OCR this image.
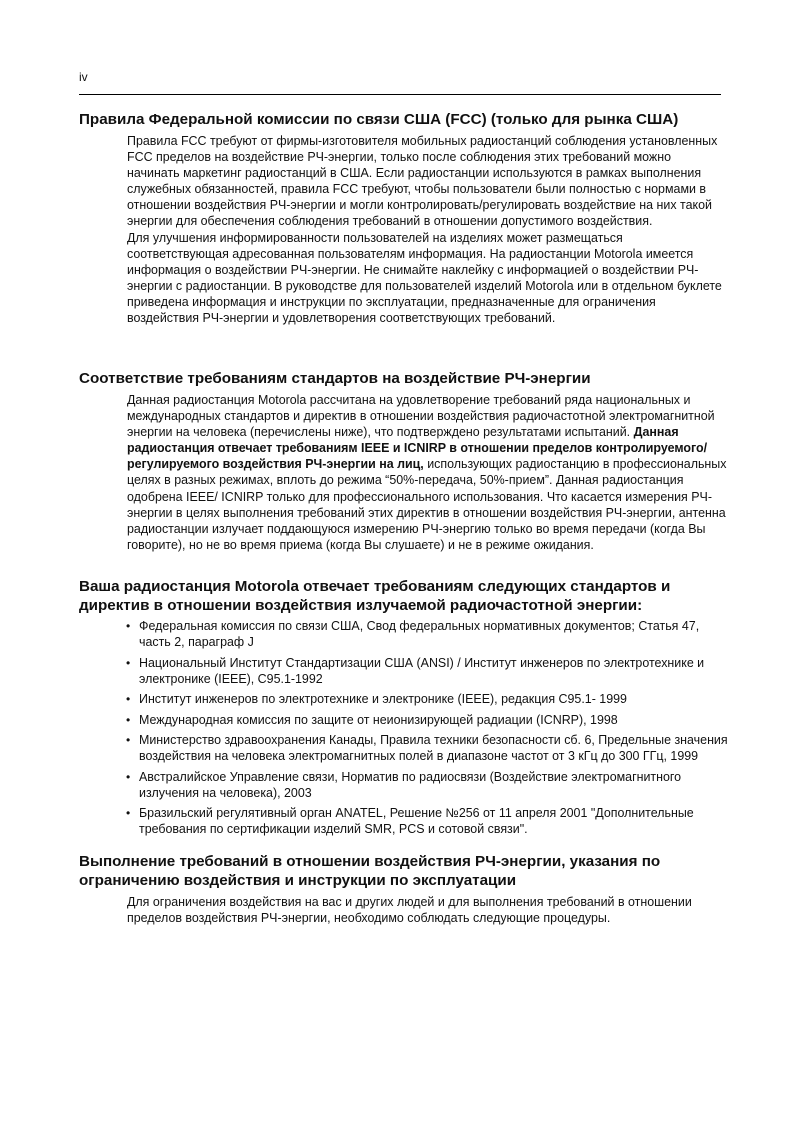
iv
Правила Федеральной комиссии по связи США (FCC) (только для рынка США)

Правила FCC требуют от фирмы-изготовителя мобильных радиостанций соблюдения установленных FCC пределов на воздействие РЧ-энергии, только после соблюдения этих требований можно начинать маркетинг радиостанций в США. Если радиостанции используются в рамках выполнения служебных обязанностей, правила FCC требуют, чтобы пользователи были полностью с нормами в отношении воздействия РЧ-энергии и могли контролировать/регулировать воздействие на них такой энергии для обеспечения соблюдения требований в отношении допустимого воздействия.

Для улучшения информированности пользователей на изделиях может размещаться соответствующая адресованная пользователям информация. На радиостанции Motorola имеется информация о воздействии РЧ-энергии. Не снимайте наклейку с информацией о воздействии РЧ-энергии с радиостанции. В руководстве для пользователей изделий Motorola или в отдельном буклете приведена информация и инструкции по эксплуатации, предназначенные для ограничения воздействия РЧ-энергии и удовлетворения соответствующих требований.

Соответствие требованиям стандартов на воздействие РЧ-энергии

Данная радиостанция Motorola рассчитана на удовлетворение требований ряда национальных и международных стандартов и директив в отношении воздействия радиочастотной электромагнитной энергии на человека (перечислены ниже), что подтверждено результатами испытаний. Данная радиостанция отвечает требованиям IEEE и ICNIRP в отношении пределов контролируемого/регулируемого воздействия РЧ-энергии на лиц, использующих радиостанцию в профессиональных целях в разных режимах, вплоть до режима “50%-передача, 50%-прием”. Данная радиостанция одобрена IEEE/ ICNIRP только для профессионального использования. Что касается измерения РЧ-энергии в целях выполнения требований этих директив в отношении воздействия РЧ-энергии, антенна радиостанции излучает поддающуюся измерению РЧ-энергию только во время передачи (когда Вы говорите), но не во время приема (когда Вы слушаете) и не в режиме ожидания.

Ваша радиостанция Motorola отвечает требованиям следующих стандартов и директив в отношении воздействия излучаемой радиочастотной энергии:
• Федеральная комиссия по связи США, Свод федеральных нормативных документов; Статья 47, часть 2, параграф J
• Национальный Институт Стандартизации США (ANSI) / Институт инженеров по электротехнике и электронике (IEEE), C95.1-1992
• Институт инженеров по электротехнике и электронике (IEEE), редакция C95.1- 1999
• Международная комиссия по защите от неионизирующей радиации (ICNRP), 1998
• Министерство здравоохранения Канады, Правила техники безопасности сб. 6, Предельные значения воздействия на человека электромагнитных полей в диапазоне частот от 3 кГц до 300 ГГц, 1999
• Австралийское Управление связи, Норматив по радиосвязи (Воздействие электромагнитного излучения на человека), 2003
• Бразильский регулятивный орган ANATEL, Решение №256 от 11 апреля 2001 "Дополнительные требования по сертификации изделий SMR, PCS и сотовой связи".
Выполнение требований в отношении воздействия РЧ-энергии, указания по ограничению воздействия и инструкции по эксплуатации

Для ограничения воздействия на вас и других людей и для выполнения требований в отношении пределов воздействия РЧ-энергии, необходимо соблюдать следующие процедуры.
